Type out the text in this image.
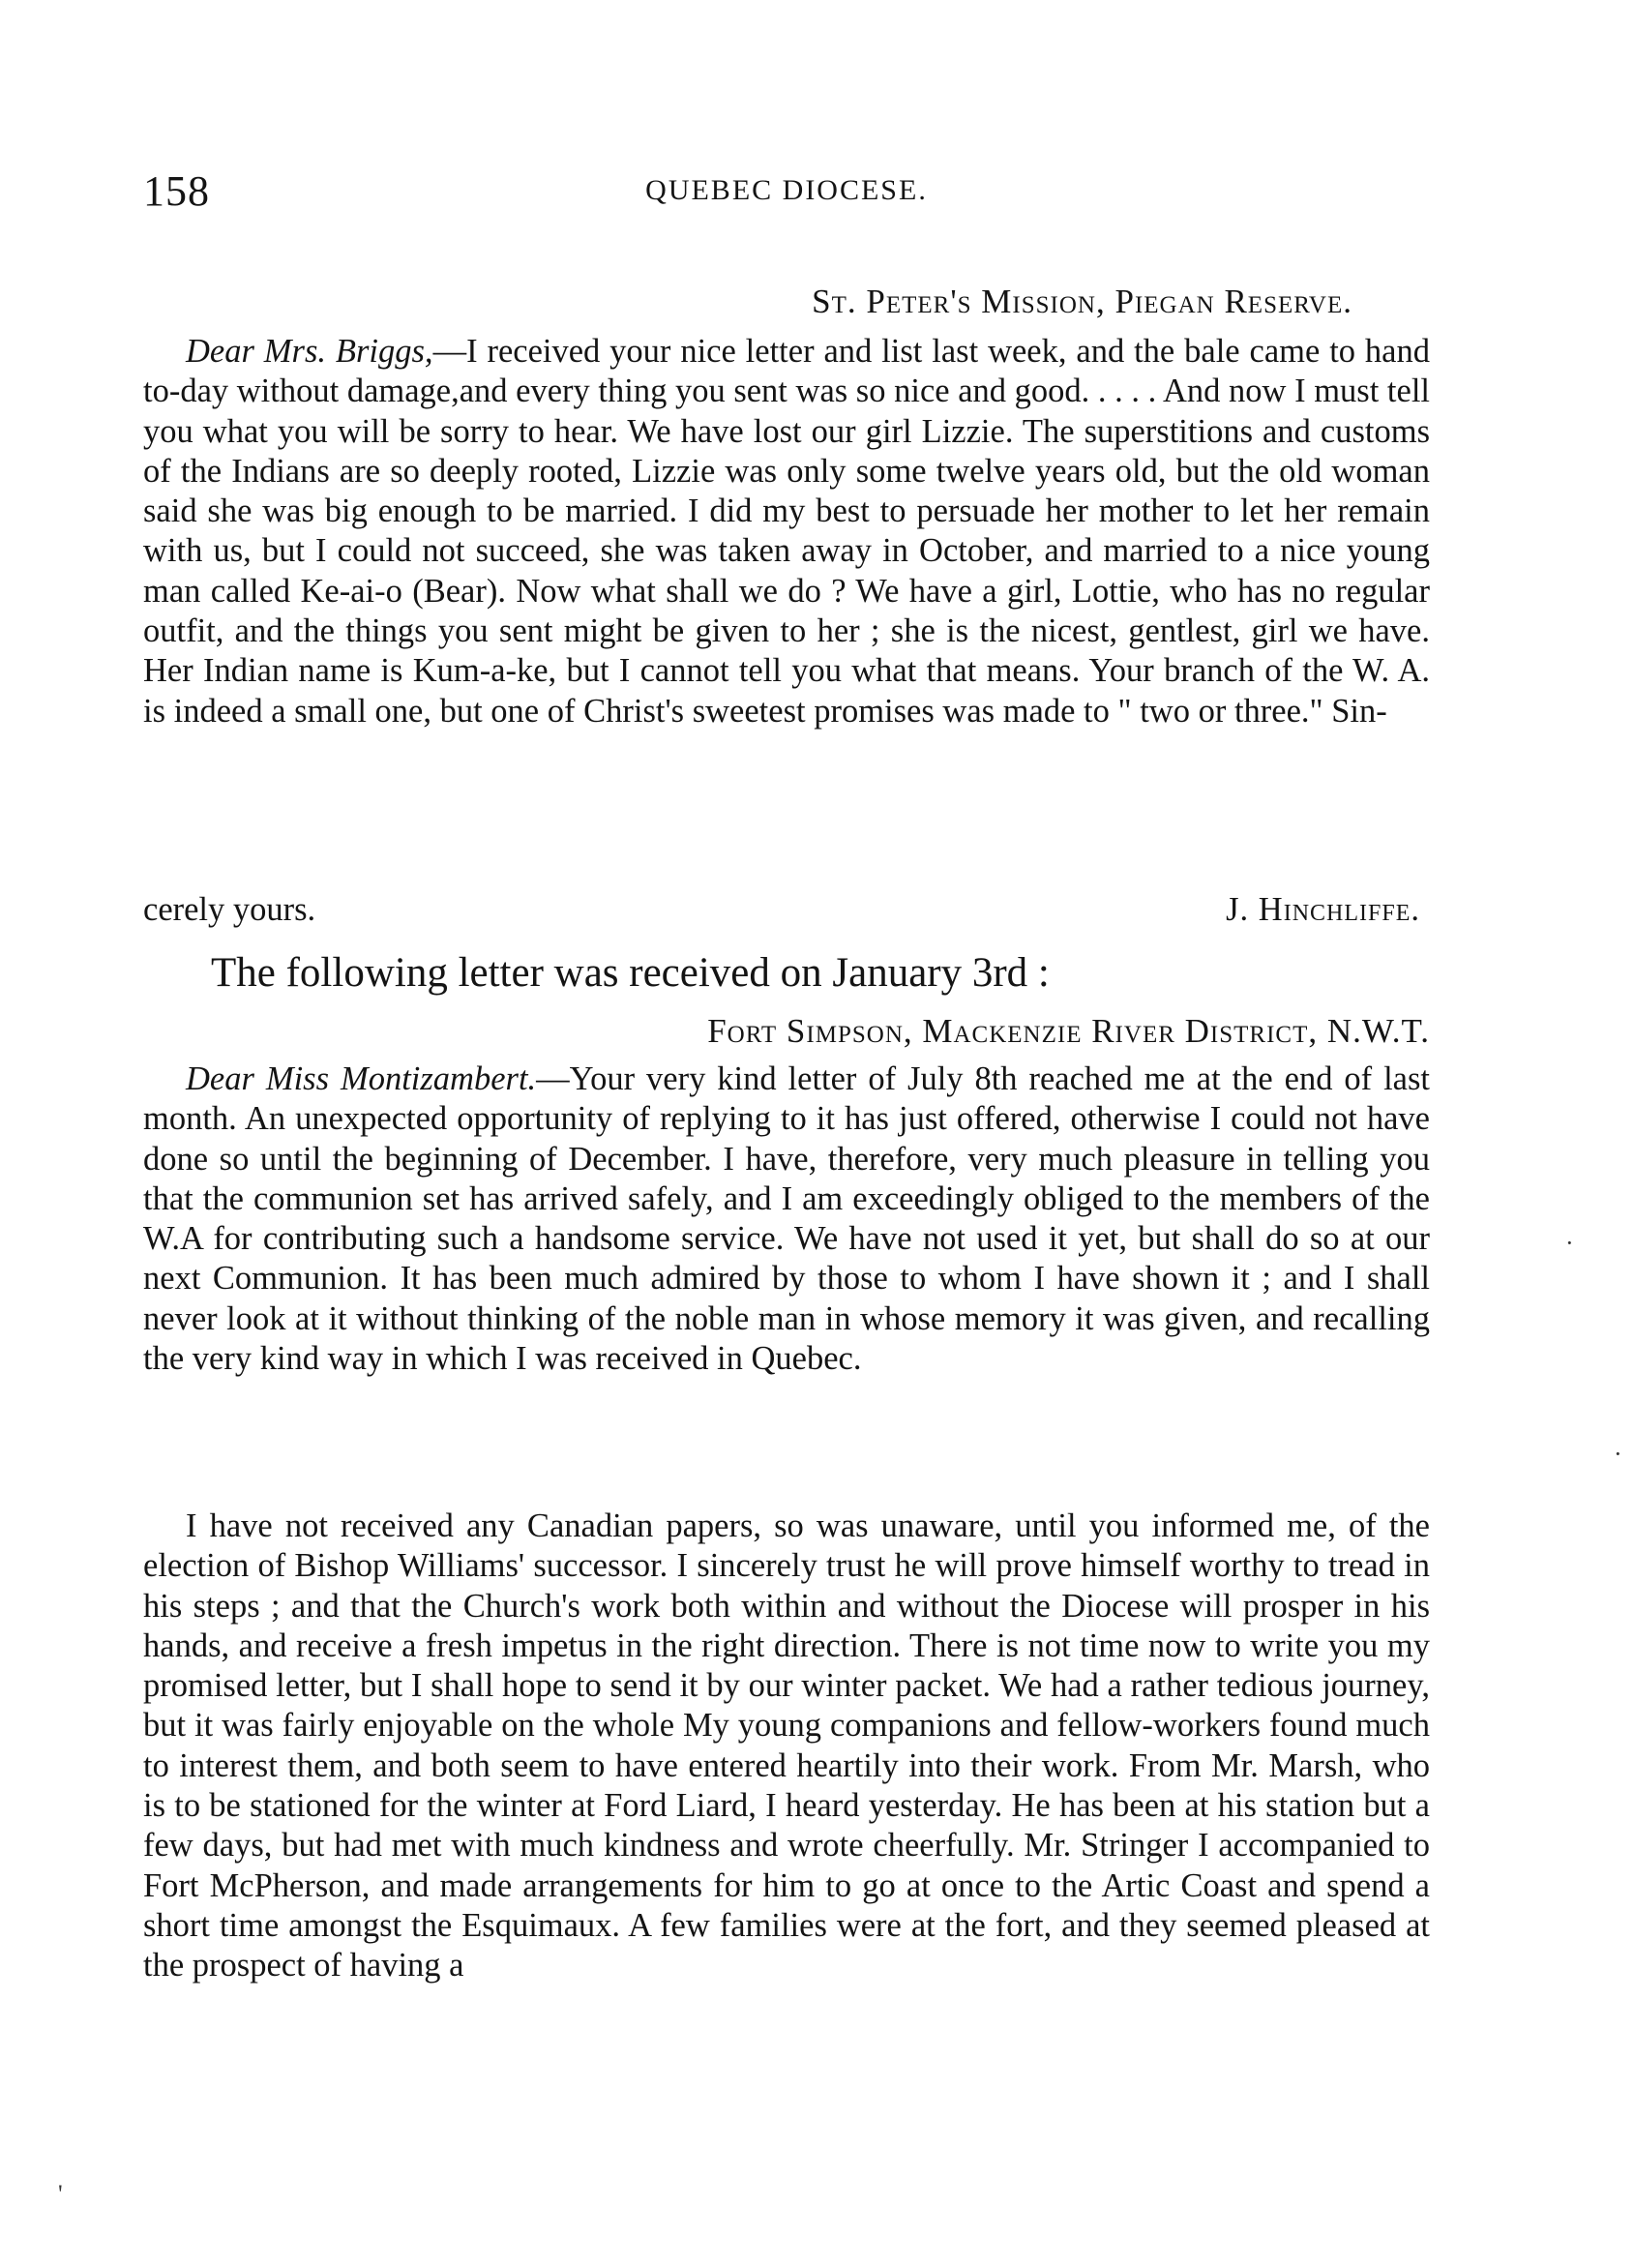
158	QUEBEC DIOCESE.
St. Peter's Mission, Piegan Reserve.

Dear Mrs. Briggs,—I received your nice letter and list last week, and the bale came to hand to-day without damage,and every thing you sent was so nice and good. . . . . And now I must tell you what you will be sorry to hear. We have lost our girl Lizzie. The superstitions and customs of the Indians are so deeply rooted, Lizzie was only some twelve years old, but the old woman said she was big enough to be married. I did my best to persuade her mother to let her remain with us, but I could not succeed, she was taken away in October, and married to a nice young man called Ke-ai-o (Bear). Now what shall we do ? We have a girl, Lottie, who has no regular outfit, and the things you sent might be given to her ; she is the nicest, gentlest, girl we have. Her Indian name is Kum-a-ke, but I cannot tell you what that means. Your branch of the W. A. is indeed a small one, but one of Christ's sweetest promises was made to " two or three." Sin-

cerely yours.	J. Hinchliffe.
The following letter was received on January 3rd :
Fort Simpson, Mackenzie River District, N.W.T.

Dear Miss Montizambert.—Your very kind letter of July 8th reached me at the end of last month. An unexpected opportunity of replying to it has just offered, otherwise I could not have done so until the beginning of December. I have, therefore, very much pleasure in telling you that the communion set has arrived safely, and I am exceedingly obliged to the members of the W.A for contributing such a handsome service. We have not used it yet, but shall do so at our next Communion. It has been much admired by those to whom I have shown it ; and I shall never look at it without thinking of the noble man in whose memory it was given, and recalling the very kind way in which I was received in Quebec.

I have not received any Canadian papers, so was unaware, until you informed me, of the election of Bishop Williams' successor. I sincerely trust he will prove himself worthy to tread in his steps ; and that the Church's work both within and without the Diocese will prosper in his hands, and receive a fresh impetus in the right direction. There is not time now to write you my promised letter, but I shall hope to send it by our winter packet. We had a rather tedious journey, but it was fairly enjoyable on the whole My young companions and fellow-workers found much to interest them, and both seem to have entered heartily into their work. From Mr. Marsh, who is to be stationed for the winter at Ford Liard, I heard yesterday. He has been at his station but a few days, but had met with much kindness and wrote cheerfully. Mr. Stringer I accompanied to Fort McPherson, and made arrangements for him to go at once to the Artic Coast and spend a short time amongst the Esquimaux. A few families were at the fort, and they seemed pleased at the prospect of having a

·
·
'
